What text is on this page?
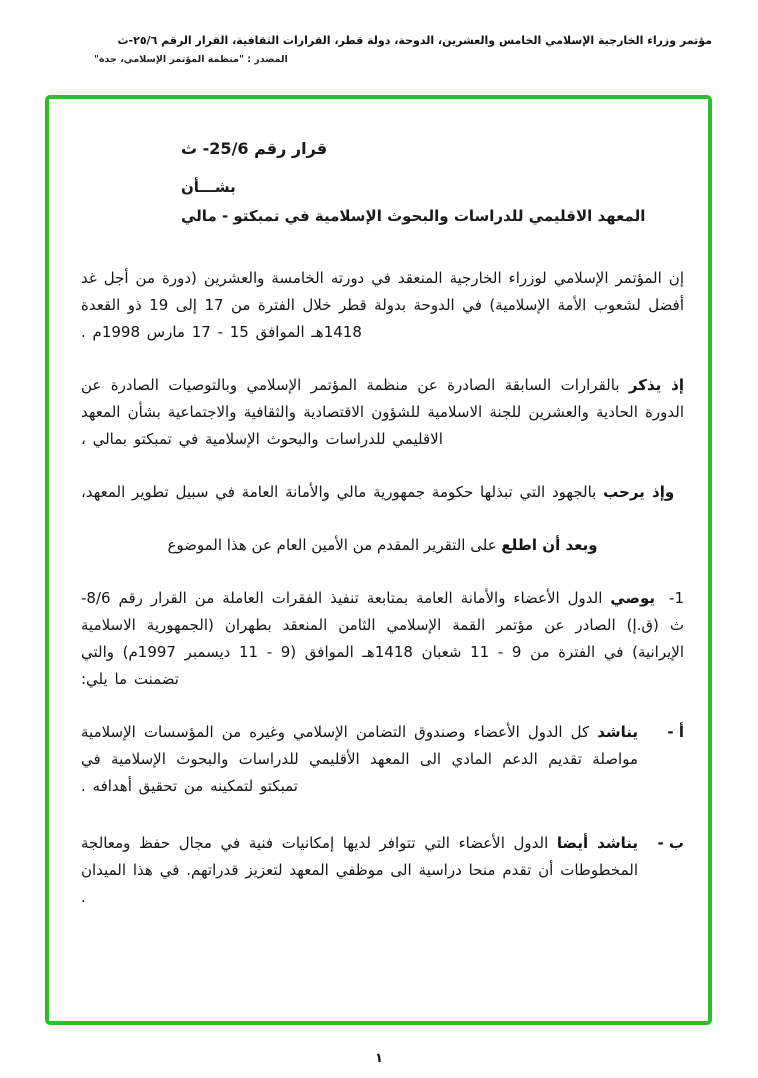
مؤتمر وزراء الخارجية الإسلامي الخامس والعشرين، الدوحة، دولة قطر، القرارات الثقافية، القرار الرقم ٢٥/٦-ث
المصدر : "منظمة المؤتمر الإسلامي، جدة"
قرار رقم 25/6- ث
بشـــأن
المعهد الاقليمي للدراسات والبحوث الإسلامية في تمبكتو - مالي

إن المؤتمر الإسلامي لوزراء الخارجية المنعقد في دورته الخامسة والعشرين (دورة من أجل غد أفضل لشعوب الأمة الإسلامية) في الدوحة بدولة قطر خلال الفترة من 17 إلى 19 ذو القعدة 1418هـ الموافق 15 - 17 مارس 1998م .

إذ يذكر بالقرارات السابقة الصادرة عن منظمة المؤتمر الإسلامي وبالتوصيات الصادرة عن الدورة الحادية والعشرين للجنة الاسلامية للشؤون الاقتصادية والثقافية والاجتماعية بشأن المعهد الاقليمي للدراسات والبحوث الإسلامية في تمبكتو بمالي ،

وإذ يرحب بالجهود التي تبذلها حكومة جمهورية مالي والأمانة العامة في سبيل تطوير المعهد،

وبعد أن اطلع على التقرير المقدم من الأمين العام عن هذا الموضوع

1- يوصي الدول الأعضاء والأمانة العامة بمتابعة تنفيذ الفقرات العاملة من القرار رقم 8/6- ث (ق.إ) الصادر عن مؤتمر القمة الإسلامي الثامن المنعقد بطهران (الجمهورية الاسلامية الإيرانية) في الفترة من 9 - 11 شعبان 1418هـ الموافق (9 - 11 ديسمبر 1997م) والتي تضمنت ما يلي:

أ -
يناشد كل الدول الأعضاء وصندوق التضامن الإسلامي وغيره من المؤسسات الإسلامية مواصلة تقديم الدعم المادي الى المعهد الأقليمي للدراسات والبحوث الإسلامية في تمبكتو لتمكينه من تحقيق أهدافه .
ب -
يناشد أيضا الدول الأعضاء التي تتوافر لديها إمكانيات فنية في مجال حفظ ومعالجة المخطوطات أن تقدم منحا دراسية الى موظفي المعهد لتعزيز قدراتهم. في هذا الميدان .
١
